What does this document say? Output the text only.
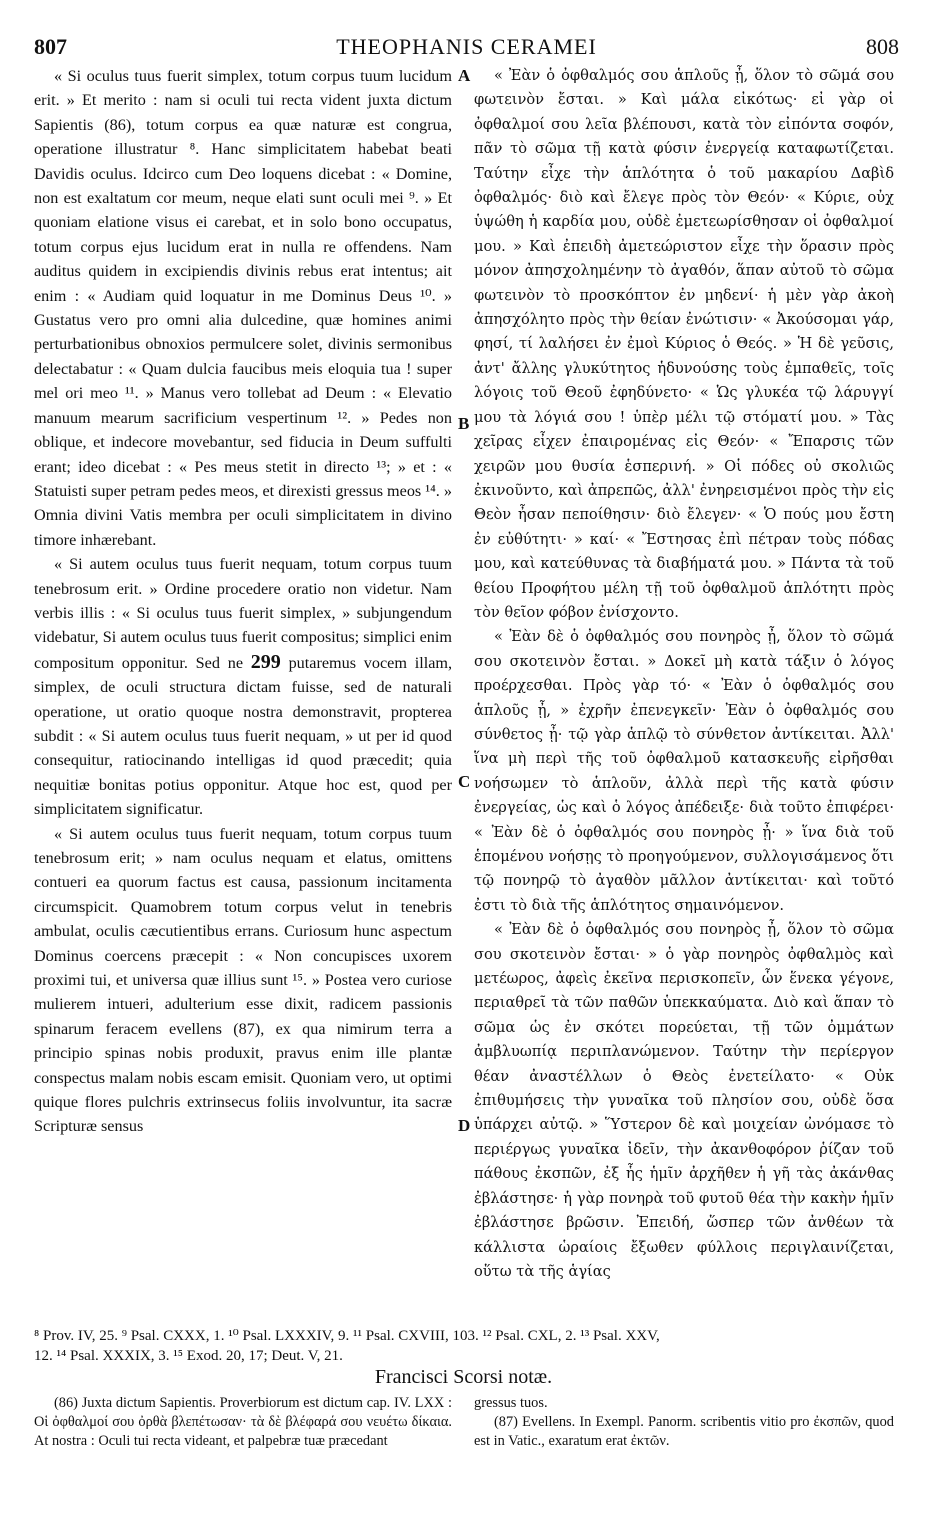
807	THEOPHANIS CERAMEI	808

« Si oculus tuus fuerit simplex, totum corpus tuum lucidum erit. » Et merito : nam si oculi tui recta vident juxta dictum Sapientis (86), totum corpus ea quæ naturæ est congrua, operatione illustratur ⁸. Hanc simplicitatem habebat beati Davidis oculus. Idcirco cum Deo loquens dicebat : « Domine, non est exaltatum cor meum, neque elati sunt oculi mei ⁹. » Et quoniam elatione visus ei carebat, et in solo bono occupatus, totum corpus ejus lucidum erat in nulla re offendens. Nam auditus quidem in excipiendis divinis rebus erat intentus; ait enim : « Audiam quid loquatur in me Dominus Deus ¹⁰. » Gustatus vero pro omni alia dulcedine, quæ homines animi perturbationibus obnoxios permulcere solet, divinis sermonibus delectabatur : « Quam dulcia faucibus meis eloquia tua ! super mel ori meo ¹¹. » Manus vero tollebat ad Deum : « Elevatio manuum mearum sacrificium vespertinum ¹². » Pedes non oblique, et indecore movebantur, sed fiducia in Deum suffulti erant; ideo dicebat : « Pes meus stetit in directo ¹³; » et : « Statuisti super petram pedes meos, et direxisti gressus meos ¹⁴. » Omnia divini Vatis membra per oculi simplicitatem in divino timore inhærebant.

« Si autem oculus tuus fuerit nequam, totum corpus tuum tenebrosum erit. » Ordine procedere oratio non videtur. Nam verbis illis : « Si oculus tuus fuerit simplex, » subjungendum videbatur, Si autem oculus tuus fuerit compositus; simplici enim compositum opponitur. Sed ne 299 putaremus vocem illam, simplex, de oculi structura dictam fuisse, sed de naturali operatione, ut oratio quoque nostra demonstravit, propterea subdit : « Si autem oculus tuus fuerit nequam, » ut per id quod consequitur, ratiocinando intelligas id quod præcedit; quia nequitiæ bonitas potius opponitur. Atque hoc est, quod per simplicitatem significatur.

« Si autem oculus tuus fuerit nequam, totum corpus tuum tenebrosum erit; » nam oculus nequam et elatus, omittens contueri ea quorum factus est causa, passionum incitamenta circumspicit. Quamobrem totum corpus velut in tenebris ambulat, oculis cæcutientibus errans. Curiosum hunc aspectum Dominus coercens præcepit : « Non concupisces uxorem proximi tui, et universa quæ illius sunt ¹⁵. » Postea vero curiose mulierem intueri, adulterium esse dixit, radicem passionis spinarum feracem evellens (87), ex qua nimirum terra a principio spinas nobis produxit, pravus enim ille plantæ conspectus malam nobis escam emisit. Quoniam vero, ut optimi quique flores pulchris extrinsecus foliis involvuntur, ita sacræ Scripturæ sensus

A
B
C
D

« Ἐὰν ὁ ὀφθαλμός σου ἁπλοῦς ᾖ, ὅλον τὸ σῶμά σου φωτεινὸν ἔσται. » Καὶ μάλα εἰκότως· εἰ γὰρ οἱ ὀφθαλμοί σου λεῖα βλέπουσι, κατὰ τὸν εἰπόντα σοφόν, πᾶν τὸ σῶμα τῇ κατὰ φύσιν ἐνεργείᾳ καταφωτίζεται. Ταύτην εἶχε τὴν ἁπλότητα ὁ τοῦ μακαρίου Δαβὶδ ὀφθαλμός· διὸ καὶ ἔλεγε πρὸς τὸν Θεόν· « Κύριε, οὐχ ὑψώθη ἡ καρδία μου, οὐδὲ ἐμετεωρίσθησαν οἱ ὀφθαλμοί μου. » Καὶ ἐπειδὴ ἀμετεώριστον εἶχε τὴν ὅρασιν πρὸς μόνον ἀπησχολημένην τὸ ἀγαθόν, ἅπαν αὐτοῦ τὸ σῶμα φωτεινὸν τὸ προσκόπτον ἐν μηδενί· ἡ μὲν γὰρ ἀκοὴ ἀπησχόλητο πρὸς τὴν θείαν ἐνώτισιν· « Ἀκούσομαι γάρ, φησί, τί λαλήσει ἐν ἐμοὶ Κύριος ὁ Θεός. » Ἡ δὲ γεῦσις, ἀντ' ἄλλης γλυκύτητος ἡδυνούσης τοὺς ἐμπαθεῖς, τοῖς λόγοις τοῦ Θεοῦ ἐφηδύνετο· « Ὡς γλυκέα τῷ λάρυγγί μου τὰ λόγιά σου ! ὑπὲρ μέλι τῷ στόματί μου. » Τὰς χεῖρας εἶχεν ἐπαιρομένας εἰς Θεόν· « Ἔπαρσις τῶν χειρῶν μου θυσία ἑσπερινή. » Οἱ πόδες οὐ σκολιῶς ἐκινοῦντο, καὶ ἀπρεπῶς, ἀλλ' ἐνηρεισμένοι πρὸς τὴν εἰς Θεὸν ἦσαν πεποίθησιν· διὸ ἔλεγεν· « Ὁ πούς μου ἔστη ἐν εὐθύτητι· » καί· « Ἔστησας ἐπὶ πέτραν τοὺς πόδας μου, καὶ κατεύθυνας τὰ διαβήματά μου. » Πάντα τὰ τοῦ θείου Προφήτου μέλη τῇ τοῦ ὀφθαλμοῦ ἁπλότητι πρὸς τὸν θεῖον φόβον ἐνίσχοντο.

« Ἐὰν δὲ ὁ ὀφθαλμός σου πονηρὸς ᾖ, ὅλον τὸ σῶμά σου σκοτεινὸν ἔσται. » Δοκεῖ μὴ κατὰ τάξιν ὁ λόγος προέρχεσθαι. Πρὸς γὰρ τό· « Ἐὰν ὁ ὀφθαλμός σου ἁπλοῦς ᾖ, » ἐχρῆν ἐπενεγκεῖν· Ἐὰν ὁ ὀφθαλμός σου σύνθετος ᾖ· τῷ γὰρ ἁπλῷ τὸ σύνθετον ἀντίκειται. Ἀλλ' ἵνα μὴ περὶ τῆς τοῦ ὀφθαλμοῦ κατασκευῆς εἰρῆσθαι νοήσωμεν τὸ ἁπλοῦν, ἀλλὰ περὶ τῆς κατὰ φύσιν ἐνεργείας, ὡς καὶ ὁ λόγος ἀπέδειξε· διὰ τοῦτο ἐπιφέρει· « Ἐὰν δὲ ὁ ὀφθαλμός σου πονηρὸς ᾖ· » ἵνα διὰ τοῦ ἑπομένου νοήσῃς τὸ προηγούμενον, συλλογισάμενος ὅτι τῷ πονηρῷ τὸ ἀγαθὸν μᾶλλον ἀντίκειται· καὶ τοῦτό ἐστι τὸ διὰ τῆς ἁπλότητος σημαινόμενον.

« Ἐὰν δὲ ὁ ὀφθαλμός σου πονηρὸς ᾖ, ὅλον τὸ σῶμα σου σκοτεινὸν ἔσται· » ὁ γὰρ πονηρὸς ὀφθαλμὸς καὶ μετέωρος, ἀφεὶς ἐκεῖνα περισκοπεῖν, ὧν ἕνεκα γέγονε, περιαθρεῖ τὰ τῶν παθῶν ὑπεκκαύματα. Διὸ καὶ ἅπαν τὸ σῶμα ὡς ἐν σκότει πορεύεται, τῇ τῶν ὀμμάτων ἀμβλυωπίᾳ περιπλανώμενον. Ταύτην τὴν περίεργον θέαν ἀναστέλλων ὁ Θεὸς ἐνετείλατο· « Οὐκ ἐπιθυμήσεις τὴν γυναῖκα τοῦ πλησίον σου, οὐδὲ ὅσα ὑπάρχει αὐτῷ. » Ὕστερον δὲ καὶ μοιχείαν ὠνόμασε τὸ περιέργως γυναῖκα ἰδεῖν, τὴν ἀκανθοφόρον ῥίζαν τοῦ πάθους ἐκσπῶν, ἐξ ἧς ἡμῖν ἀρχῆθεν ἡ γῆ τὰς ἀκάνθας ἐβλάστησε· ἡ γὰρ πονηρὰ τοῦ φυτοῦ θέα τὴν κακὴν ἡμῖν ἐβλάστησε βρῶσιν. Ἐπειδή, ὥσπερ τῶν ἀνθέων τὰ κάλλιστα ὡραίοις ἔξωθεν φύλλοις περιγλαινίζεται, οὕτω τὰ τῆς ἁγίας

⁸ Prov. IV, 25. ⁹ Psal. CXXX, 1. ¹⁰ Psal. LXXXIV, 9. ¹¹ Psal. CXVIII, 103. ¹² Psal. CXL, 2. ¹³ Psal. XXV,
12. ¹⁴ Psal. XXXIX, 3. ¹⁵ Exod. 20, 17; Deut. V, 21.
Francisci Scorsi notæ.

(86) Juxta dictum Sapientis. Proverbiorum est dictum cap. IV. LXX : Οἱ ὀφθαλμοί σου ὀρθὰ βλεπέτωσαν· τὰ δὲ βλέφαρά σου νευέτω δίκαια. At nostra : Oculi tui recta videant, et palpebræ tuæ præcedant

gressus tuos.

(87) Evellens. In Exempl. Panorm. scribentis vitio pro ἐκσπῶν, quod est in Vatic., exaratum erat ἐκτῶν.
